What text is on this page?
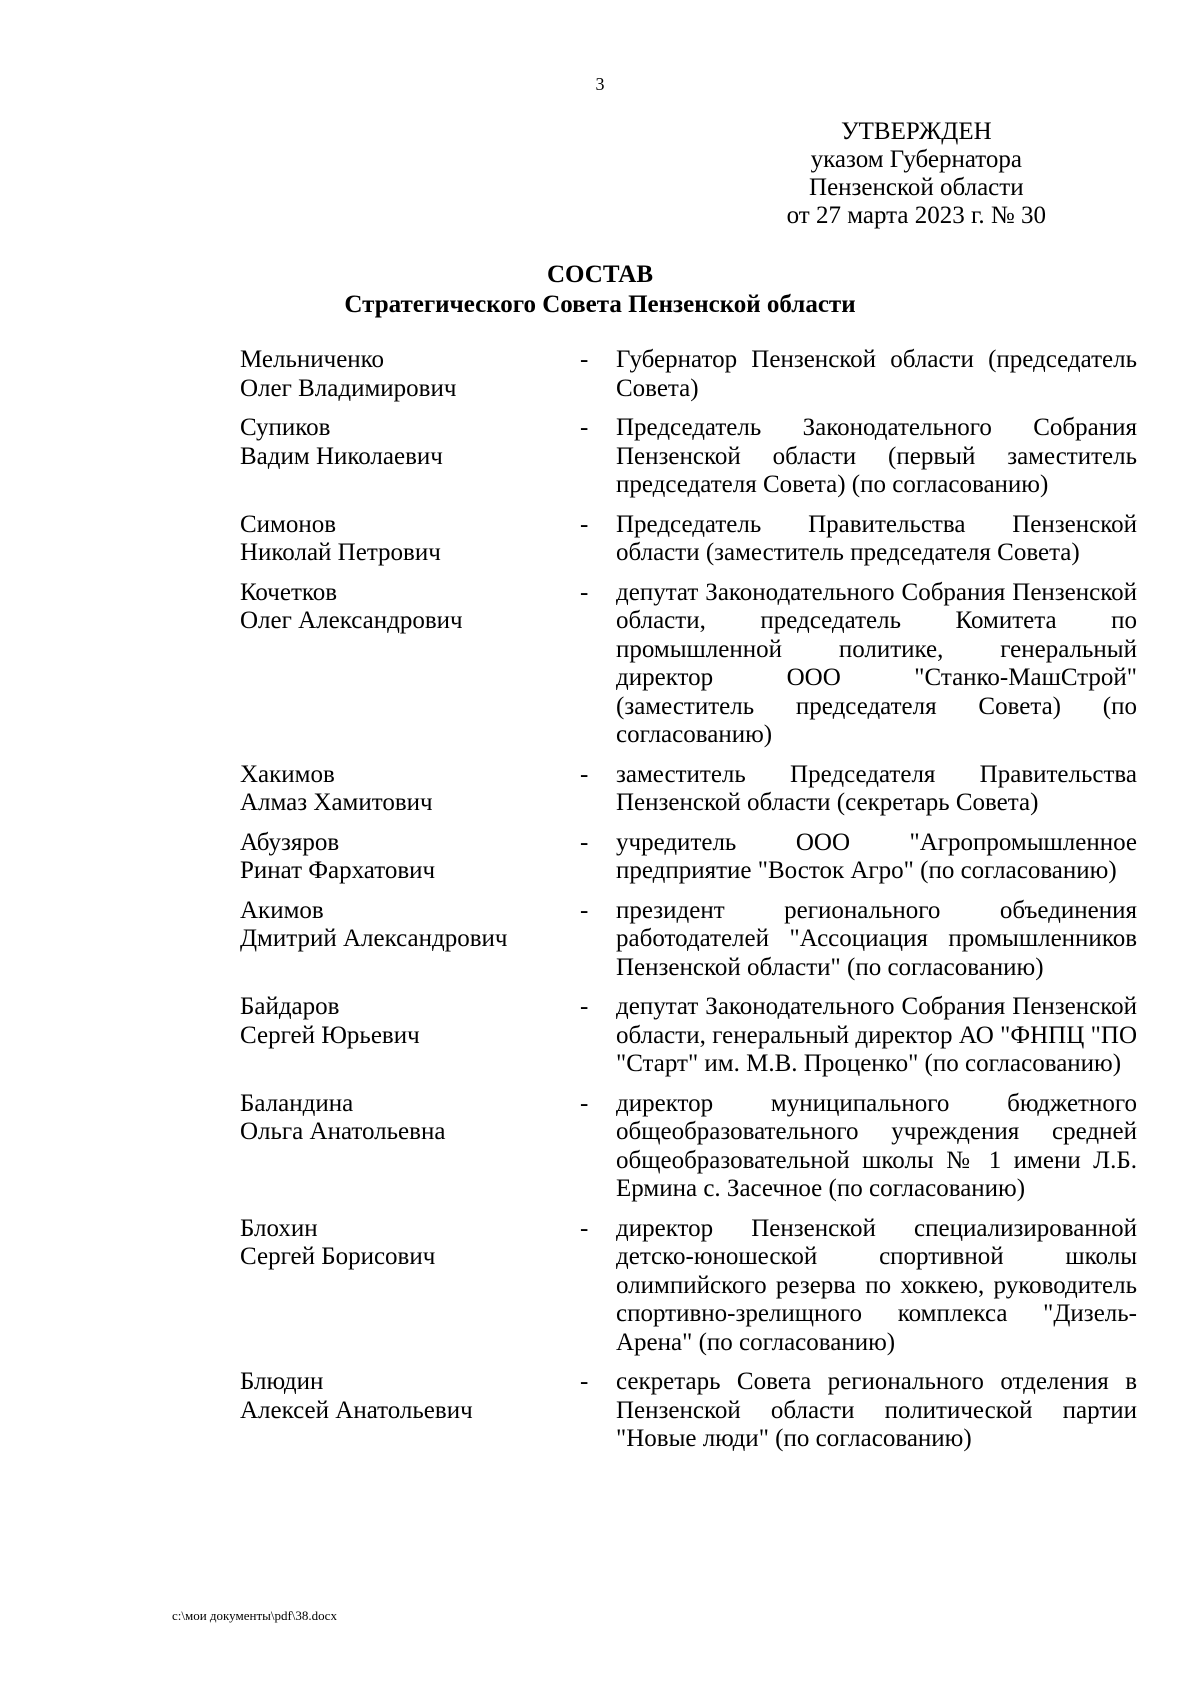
3
УТВЕРЖДЕН
указом Губернатора
Пензенской области
от 27 марта 2023 г. № 30
СОСТАВ
Стратегического Совета Пензенской области
Мельниченко
Олег Владимирович
-	Губернатор Пензенской области (председатель Совета)
Супиков
Вадим Николаевич
-	Председатель Законодательного Собрания Пензенской области (первый заместитель председателя Совета) (по согласованию)
Симонов
Николай Петрович
-	Председатель Правительства Пензенской области (заместитель председателя Совета)
Кочетков
Олег Александрович
-	депутат Законодательного Собрания Пензенской области, председатель Комитета по промышленной политике, генеральный директор ООО "Станко-МашСтрой" (заместитель председателя Совета) (по согласованию)
Хакимов
Алмаз Хамитович
-	заместитель Председателя Правительства Пензенской области (секретарь Совета)
Абузяров
Ринат Фархатович
-	учредитель ООО "Агропромышленное предприятие "Восток Агро" (по согласованию)
Акимов
Дмитрий Александрович
-	президент регионального объединения работодателей "Ассоциация промышленников Пензенской области" (по согласованию)
Байдаров
Сергей Юрьевич
-	депутат Законодательного Собрания Пензенской области, генеральный директор АО "ФНПЦ "ПО "Старт" им. М.В. Проценко" (по согласованию)
Баландина
Ольга Анатольевна
-	директор муниципального бюджетного общеобразовательного учреждения средней общеобразовательной школы № 1 имени Л.Б. Ермина с. Засечное (по согласованию)
Блохин
Сергей Борисович
-	директор Пензенской специализированной детско-юношеской спортивной школы олимпийского резерва по хоккею, руководитель спортивно-зрелищного комплекса "Дизель-Арена" (по согласованию)
Блюдин
Алексей Анатольевич
-	секретарь Совета регионального отделения в Пензенской области политической партии "Новые люди" (по согласованию)
c:\мои документы\pdf\38.docx
